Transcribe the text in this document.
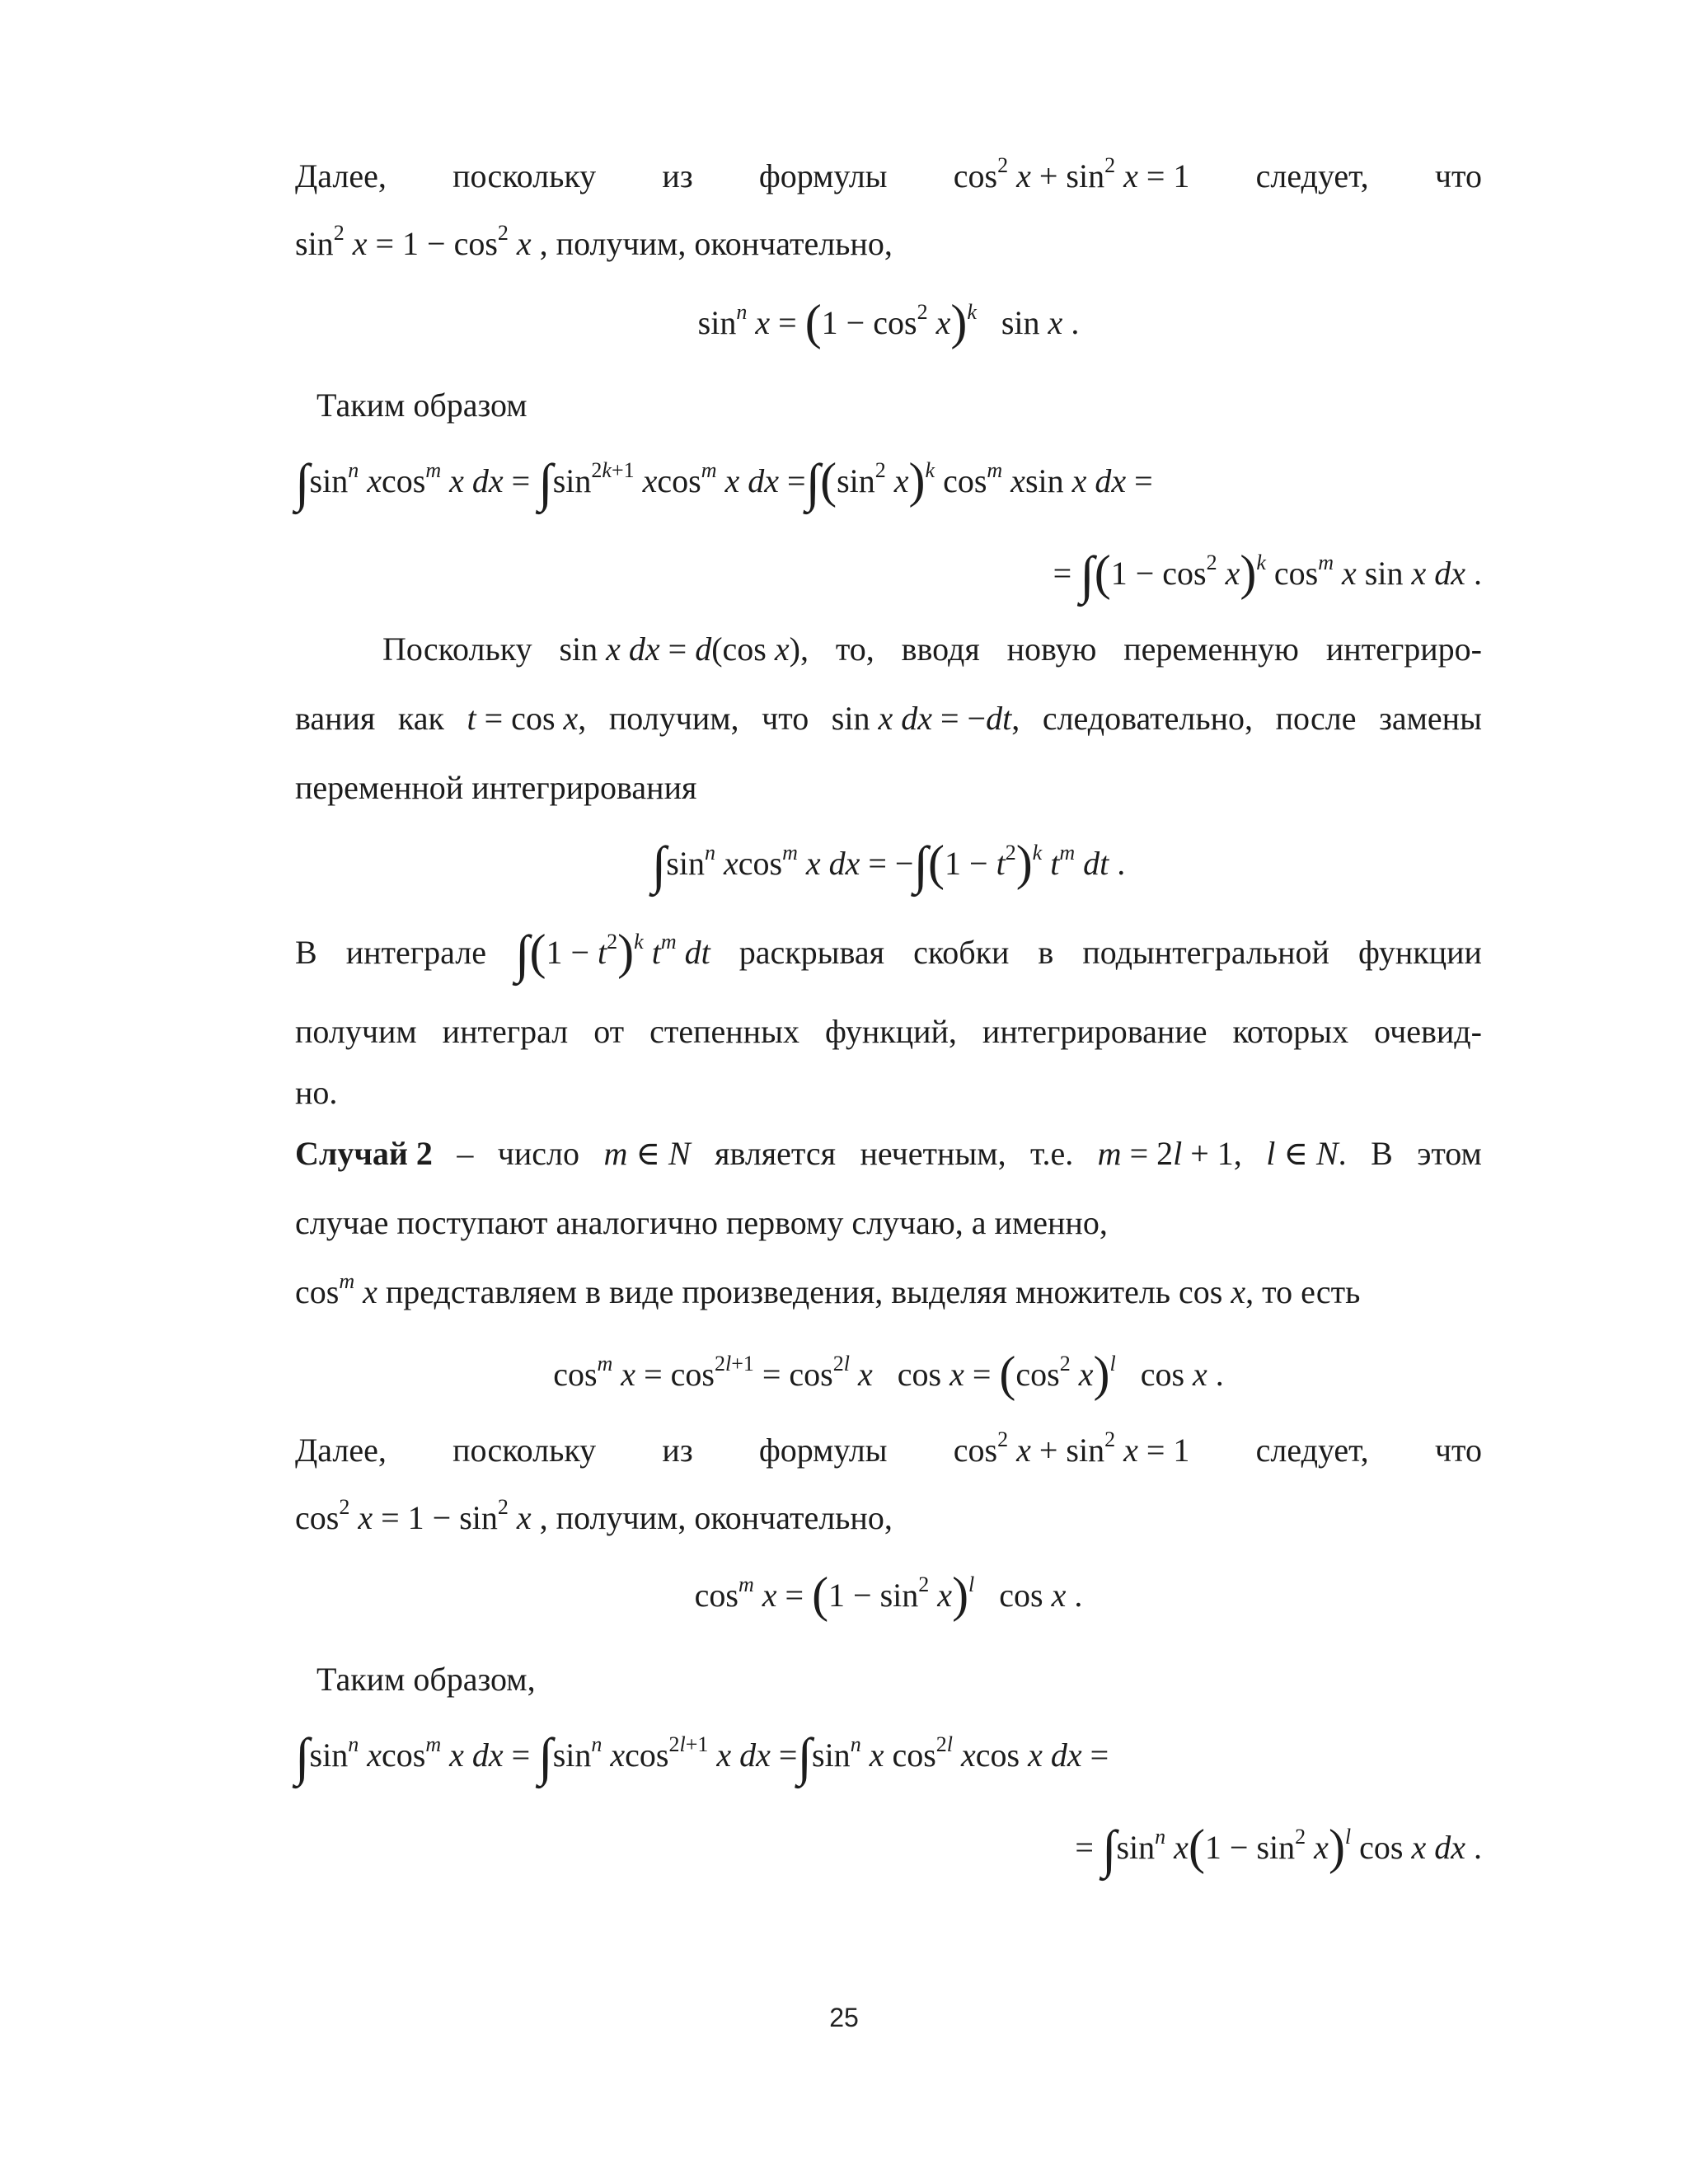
Далее, поскольку из формулы $\cos^2 x + \sin^2 x = 1$ следует, что
$\sin^2 x = 1 - \cos^2 x$ , получим, окончательно,
$\sin^n x = (1 - \cos^2 x)^k$   sin x .
Таким образом
$\int\sin^n$ xcos$^m$ x dx = $\int\sin^{2k+1}$ xcos$^m$ x dx $=\int(\sin^2$ x)$^k$ $\cos^m xsin$ x dx =
= $\int(1 - \cos^2 x)^k$ $\cos^m x$ sin x dx .
Поскольку sin x dx = d(cos x), то, вводя новую переменную интегриро-
вания как t = cos x, получим, что sin x dx = −dt, следовательно, после замены
переменной интегрирования
$\int\sin^n$ xcos$^m$ x dx = $-\int(1 - t^2)^k$ $t^m$ dt .
В интеграле $\int(1 - t^2)^k$ $t^m$ dt раскрывая скобки в подынтегральной функции
получим интеграл от степенных функций, интегрирование которых очевид-
но.
Случай 2 – число m ∈ N является нечетным, т.е. m = 2l + 1, l ∈ N. В этом
случае поступают аналогично первому случаю, а именно,
$\cos^m x$ представляем в виде произведения, выделяя множитель cos x, то есть
$\cos^m x = \cos^{2l+1} = \cos^{2l} x$   $\cos x = (\cos^2$ x)$^l$   cos x .
Далее, поскольку из формулы $\cos^2 x + \sin^2 x = 1$ следует, что
$\cos^2 x = 1 - \sin^2 x$ , получим, окончательно,
$\cos^m x = (1 - \sin^2 x)^l$   cos x .
Таким образом,
$\int\sin^n$ xcos$^m$ x dx = $\int\sin^n$ xcos$^{2l+1}$ x dx $=\int\sin^n$ x $\cos^{2l} xcos$ x dx =
= $\int\sin^n$ $x(1 - \sin^2 x)^l$ cos x dx .
25
